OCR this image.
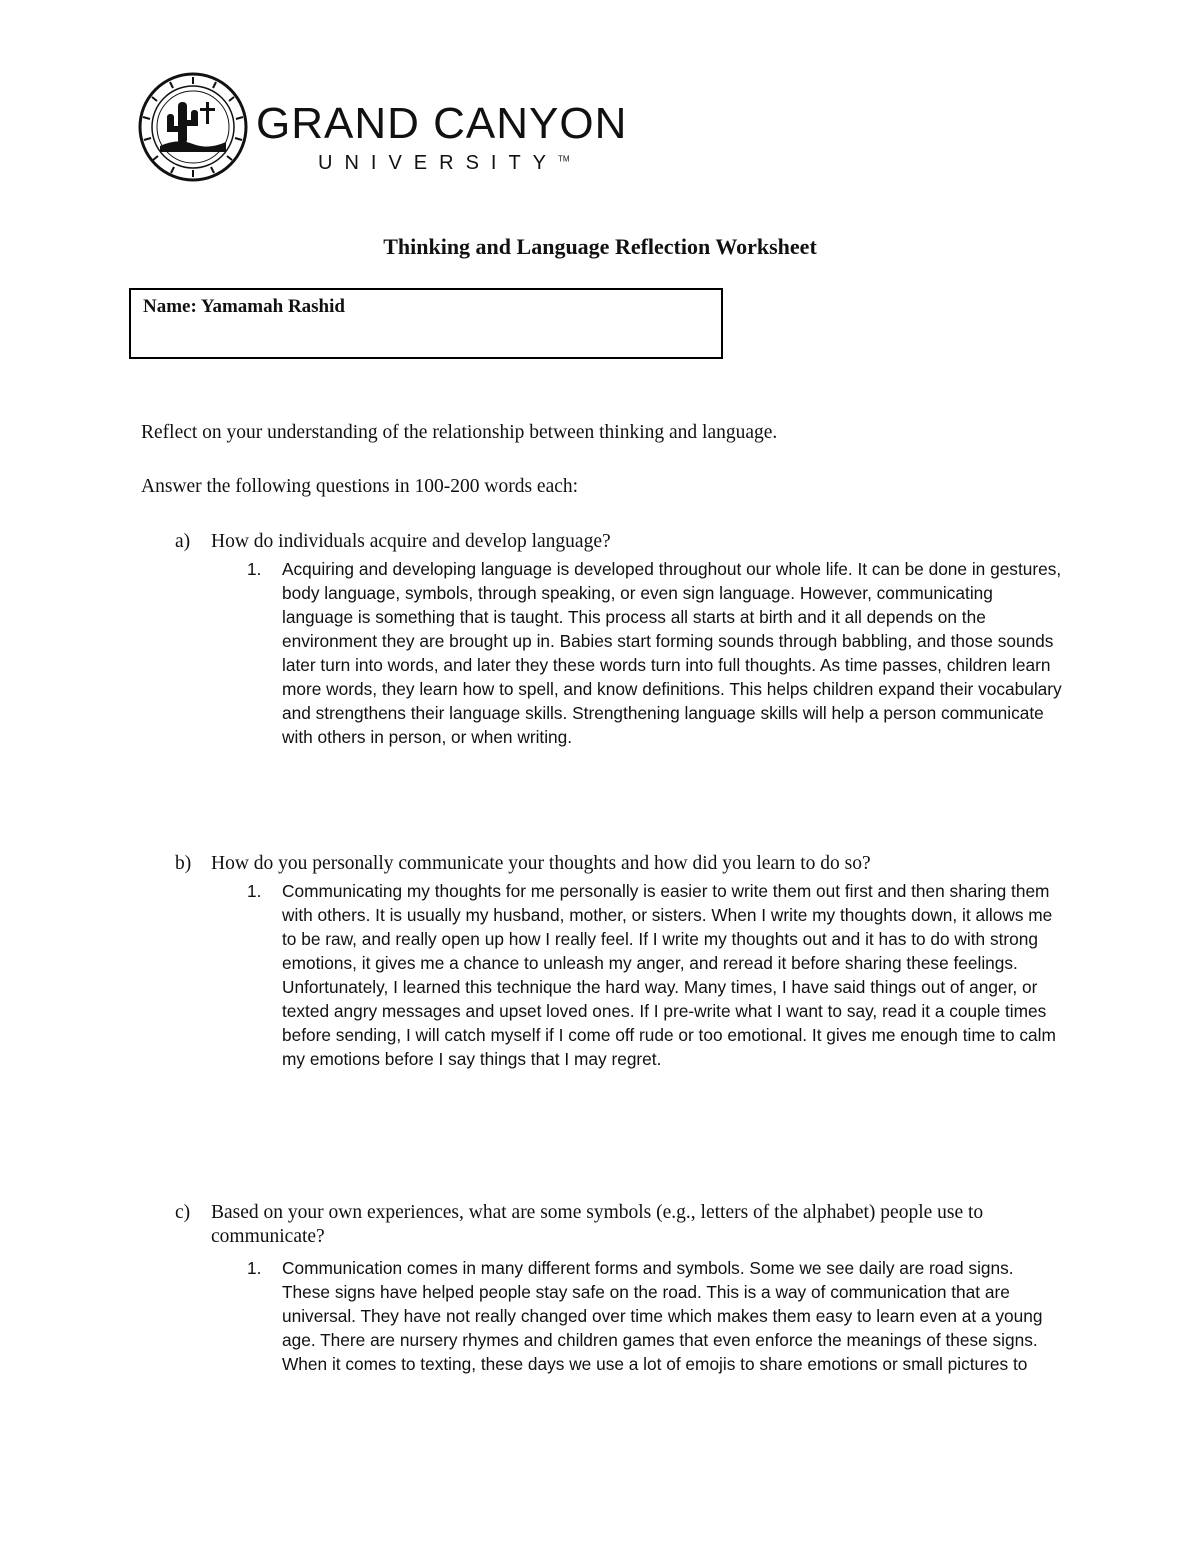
GRAND CANYON
UNIVERSITY™
Thinking and Language Reflection Worksheet
Name: Yamamah Rashid

Reflect on your understanding of the relationship between thinking and language.

Answer the following questions in 100-200 words each:

a) How do individuals acquire and develop language?
1. Acquiring and developing language is developed throughout our whole life. It can be done in gestures, body language, symbols, through speaking, or even sign language. However, communicating language is something that is taught. This process all starts at birth and it all depends on the environment they are brought up in. Babies start forming sounds through babbling, and those sounds later turn into words, and later they these words turn into full thoughts. As time passes, children learn more words, they learn how to spell, and know definitions. This helps children expand their vocabulary and strengthens their language skills. Strengthening language skills will help a person communicate with others in person, or when writing.
b) How do you personally communicate your thoughts and how did you learn to do so?
1. Communicating my thoughts for me personally is easier to write them out first and then sharing them with others. It is usually my husband, mother, or sisters. When I write my thoughts down, it allows me to be raw, and really open up how I really feel. If I write my thoughts out and it has to do with strong emotions, it gives me a chance to unleash my anger, and reread it before sharing these feelings. Unfortunately, I learned this technique the hard way. Many times, I have said things out of anger, or texted angry messages and upset loved ones. If I pre-write what I want to say, read it a couple times before sending, I will catch myself if I come off rude or too emotional. It gives me enough time to calm my emotions before I say things that I may regret.
c) Based on your own experiences, what are some symbols (e.g., letters of the alphabet) people use to communicate?
1. Communication comes in many different forms and symbols. Some we see daily are road signs. These signs have helped people stay safe on the road. This is a way of communication that are universal. They have not really changed over time which makes them easy to learn even at a young age. There are nursery rhymes and children games that even enforce the meanings of these signs. When it comes to texting, these days we use a lot of emojis to share emotions or small pictures to
